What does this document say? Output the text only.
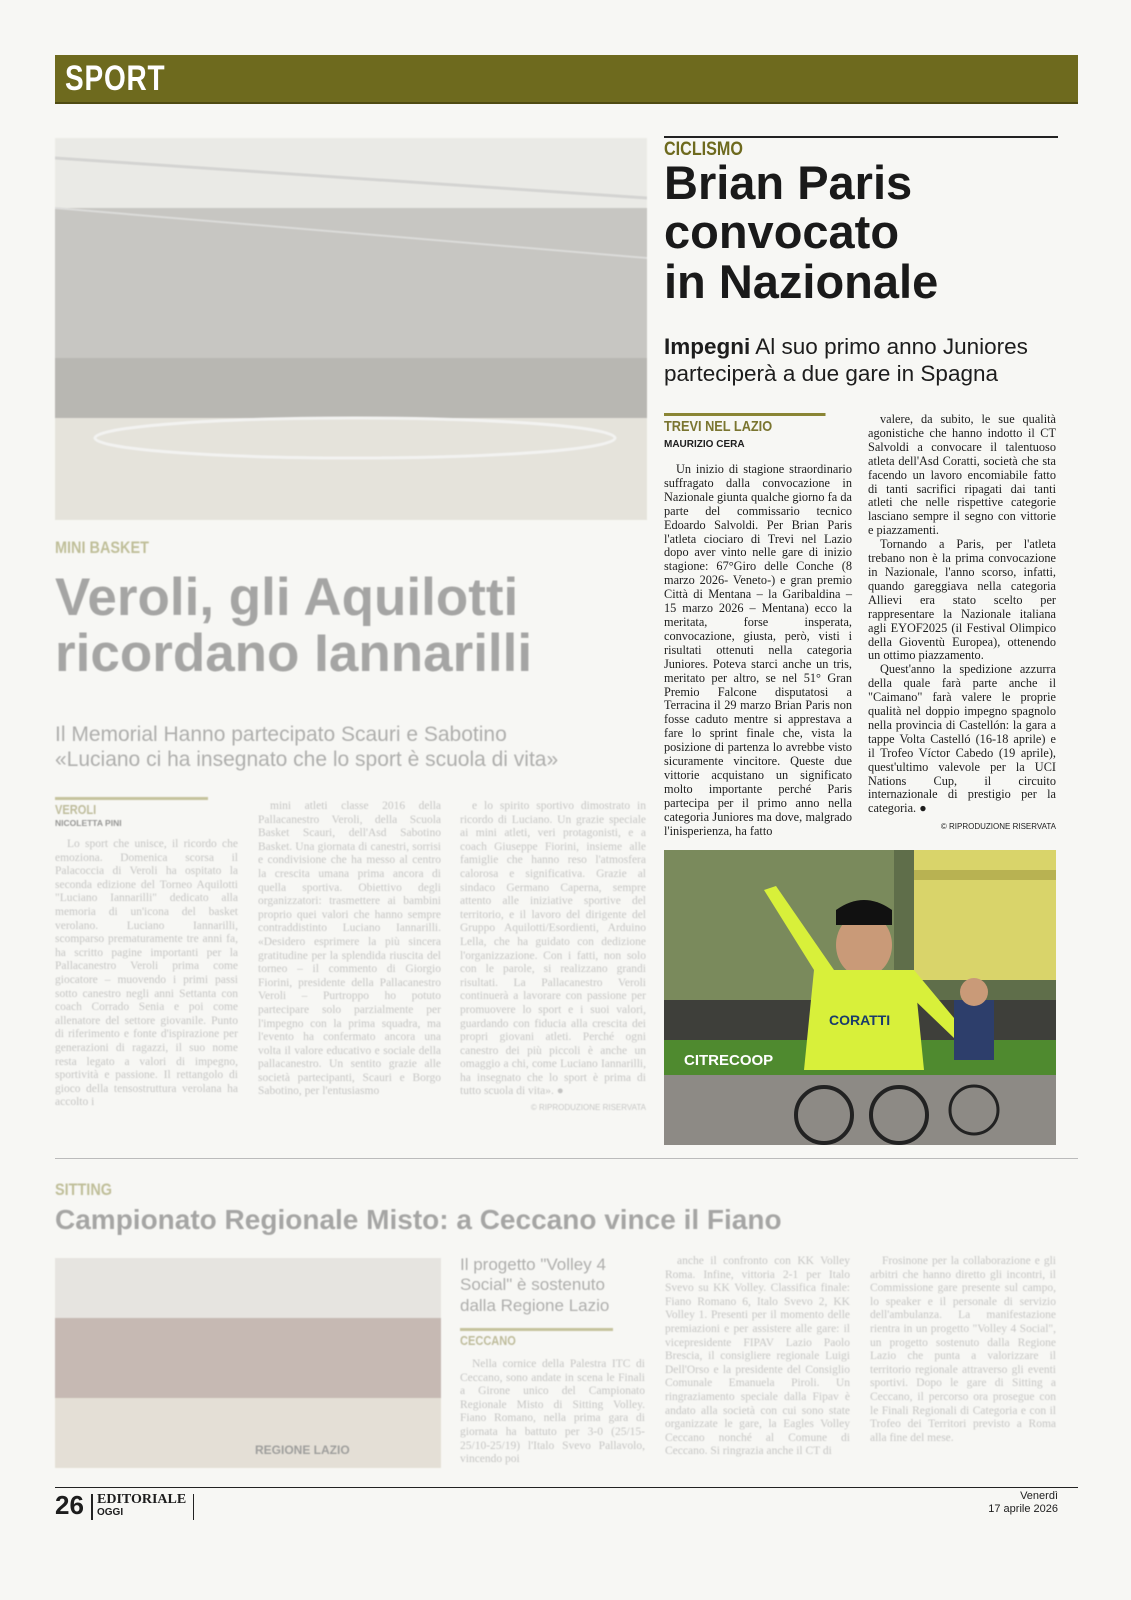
SPORT
MINI BASKET
Veroli, gli Aquilotti
ricordano Iannarilli
Il Memorial Hanno partecipato Scauri e Sabotino
«Luciano ci ha insegnato che lo sport è scuola di vita»
VEROLI
NICOLETTA PINI

Lo sport che unisce, il ricordo che emoziona. Domenica scorsa il Palacoccia di Veroli ha ospitato la seconda edizione del Torneo Aquilotti "Luciano Iannarilli" dedicato alla memoria di un'icona del basket verolano. Luciano Iannarilli, scomparso prematuramente tre anni fa, ha scritto pagine importanti per la Pallacanestro Veroli prima come giocatore – muovendo i primi passi sotto canestro negli anni Settanta con coach Corrado Senia e poi come allenatore del settore giovanile. Punto di riferimento e fonte d'ispirazione per generazioni di ragazzi, il suo nome resta legato a valori di impegno, sportività e passione. Il rettangolo di gioco della tensostruttura verolana ha accolto i

mini atleti classe 2016 della Pallacanestro Veroli, della Scuola Basket Scauri, dell'Asd Sabotino Basket. Una giornata di canestri, sorrisi e condivisione che ha messo al centro la crescita umana prima ancora di quella sportiva. Obiettivo degli organizzatori: trasmettere ai bambini proprio quei valori che hanno sempre contraddistinto Luciano Iannarilli. «Desidero esprimere la più sincera gratitudine per la splendida riuscita del torneo – il commento di Giorgio Fiorini, presidente della Pallacanestro Veroli – Purtroppo ho potuto partecipare solo parzialmente per l'impegno con la prima squadra, ma l'evento ha confermato ancora una volta il valore educativo e sociale della pallacanestro. Un sentito grazie alle società partecipanti, Scauri e Borgo Sabotino, per l'entusiasmo

e lo spirito sportivo dimostrato in ricordo di Luciano. Un grazie speciale ai mini atleti, veri protagonisti, e a coach Giuseppe Fiorini, insieme alle famiglie che hanno reso l'atmosfera calorosa e significativa. Grazie al sindaco Germano Caperna, sempre attento alle iniziative sportive del territorio, e il lavoro del dirigente del Gruppo Aquilotti/Esordienti, Arduino Lella, che ha guidato con dedizione l'organizzazione. Con i fatti, non solo con le parole, si realizzano grandi risultati. La Pallacanestro Veroli continuerà a lavorare con passione per promuovere lo sport e i suoi valori, guardando con fiducia alla crescita dei propri giovani atleti. Perché ogni canestro dei più piccoli è anche un omaggio a chi, come Luciano Iannarilli, ha insegnato che lo sport è prima di tutto scuola di vita». ●

© RIPRODUZIONE RISERVATA
CICLISMO
Brian Paris
convocato
in Nazionale
Impegni Al suo primo anno Juniores parteciperà a due gare in Spagna
TREVI NEL LAZIO
MAURIZIO CERA

Un inizio di stagione straordinario suffragato dalla convocazione in Nazionale giunta qualche giorno fa da parte del commissario tecnico Edoardo Salvoldi. Per Brian Paris l'atleta ciociaro di Trevi nel Lazio dopo aver vinto nelle gare di inizio stagione: 67°Giro delle Conche (8 marzo 2026- Veneto-) e gran premio Città di Mentana – la Garibaldina – 15 marzo 2026 – Mentana) ecco la meritata, forse insperata, convocazione, giusta, però, visti i risultati ottenuti nella categoria Juniores. Poteva starci anche un tris, meritato per altro, se nel 51° Gran Premio Falcone disputatosi a Terracina il 29 marzo Brian Paris non fosse caduto mentre si apprestava a fare lo sprint finale che, vista la posizione di partenza lo avrebbe visto sicuramente vincitore. Queste due vittorie acquistano un significato molto importante perché Paris partecipa per il primo anno nella categoria Juniores ma dove, malgrado l'inisperienza, ha fatto

valere, da subito, le sue qualità agonistiche che hanno indotto il CT Salvoldi a convocare il talentuoso atleta dell'Asd Coratti, società che sta facendo un lavoro encomiabile fatto di tanti sacrifici ripagati dai tanti atleti che nelle rispettive categorie lasciano sempre il segno con vittorie e piazzamenti.

Tornando a Paris, per l'atleta trebano non è la prima convocazione in Nazionale, l'anno scorso, infatti, quando gareggiava nella categoria Allievi era stato scelto per rappresentare la Nazionale italiana agli EYOF2025 (il Festival Olimpico della Gioventù Europea), ottenendo un ottimo piazzamento.

Quest'anno la spedizione azzurra della quale farà parte anche il "Caimano" farà valere le proprie qualità nel doppio impegno spagnolo nella provincia di Castellón: la gara a tappe Volta Castelló (16-18 aprile) e il Trofeo Víctor Cabedo (19 aprile), quest'ultimo valevole per la UCI Nations Cup, il circuito internazionale di prestigio per la categoria. ●

© RIPRODUZIONE RISERVATA
CITRECOOP
CORATTI
SITTING
Campionato Regionale Misto: a Ceccano vince il Fiano
REGIONE LAZIO
Il progetto "Volley 4 Social" è sostenuto dalla Regione Lazio
CECCANO

Nella cornice della Palestra ITC di Ceccano, sono andate in scena le Finali a Girone unico del Campionato Regionale Misto di Sitting Volley. Fiano Romano, nella prima gara di giornata ha battuto per 3-0 (25/15-25/10-25/19) l'Italo Svevo Pallavolo, vincendo poi

anche il confronto con KK Volley Roma. Infine, vittoria 2-1 per Italo Svevo su KK Volley. Classifica finale: Fiano Romano 6, Italo Svevo 2, KK Volley 1. Presenti per il momento delle premiazioni e per assistere alle gare: il vicepresidente FIPAV Lazio Paolo Brescia, il consigliere regionale Luigi Dell'Orso e la presidente del Consiglio Comunale Emanuela Piroli. Un ringraziamento speciale dalla Fipav è andato alla società con cui sono state organizzate le gare, la Eagles Volley Ceccano nonché al Comune di Ceccano. Si ringrazia anche il CT di

Frosinone per la collaborazione e gli arbitri che hanno diretto gli incontri, il Commissione gare presente sul campo, lo speaker e il personale di servizio dell'ambulanza. La manifestazione rientra in un progetto "Volley 4 Social", un progetto sostenuto dalla Regione Lazio che punta a valorizzare il territorio regionale attraverso gli eventi sportivi. Dopo le gare di Sitting a Ceccano, il percorso ora prosegue con le Finali Regionali di Categoria e con il Trofeo dei Territori previsto a Roma alla fine del mese.

26 EDITORIALE
OGGI
Venerdì
17 aprile 2026
